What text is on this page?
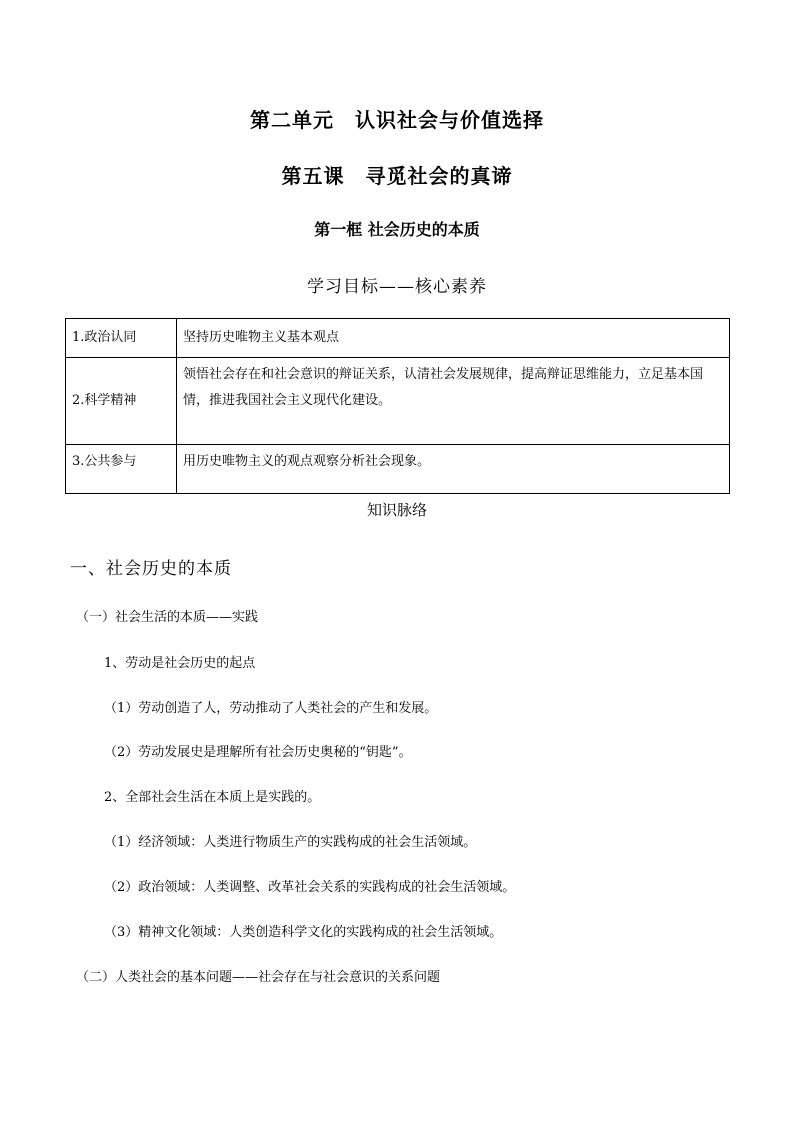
第二单元　认识社会与价值选择
第五课　寻觅社会的真谛
第一框 社会历史的本质
学习目标——核心素养
1.政治认同	坚持历史唯物主义基本观点
2.科学精神	领悟社会存在和社会意识的辩证关系，认清社会发展规律，提高辩证思维能力，立足基本国情，推进我国社会主义现代化建设。
3.公共参与	用历史唯物主义的观点观察分析社会现象。
知识脉络
一、社会历史的本质
（一）社会生活的本质——实践
1、劳动是社会历史的起点
（1）劳动创造了人，劳动推动了人类社会的产生和发展。
（2）劳动发展史是理解所有社会历史奥秘的“钥匙”。
2、全部社会生活在本质上是实践的。
（1）经济领域：人类进行物质生产的实践构成的社会生活领域。
（2）政治领域：人类调整、改革社会关系的实践构成的社会生活领域。
（3）精神文化领域：人类创造科学文化的实践构成的社会生活领域。
（二）人类社会的基本问题——社会存在与社会意识的关系问题
